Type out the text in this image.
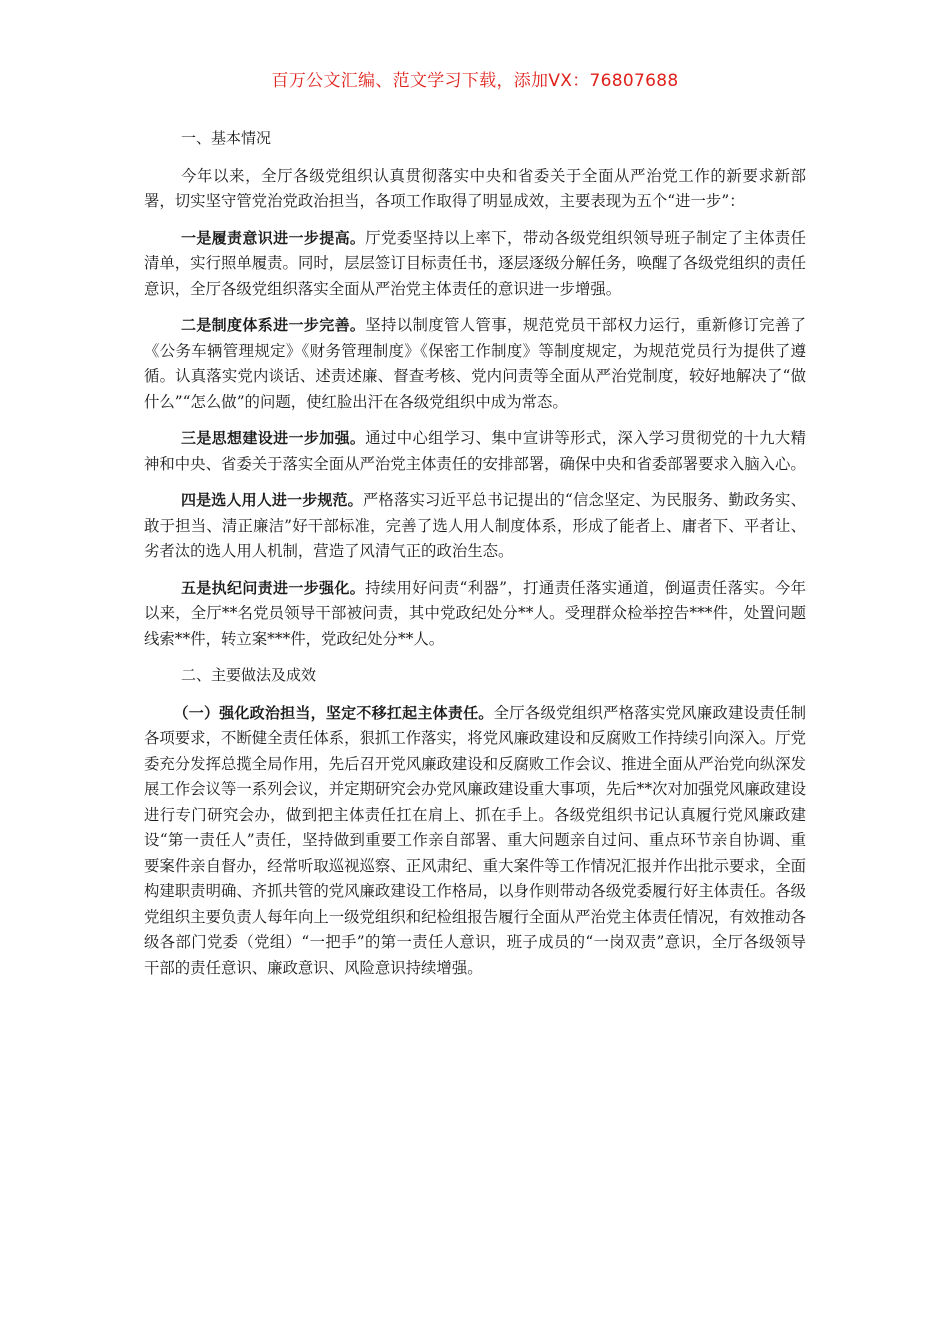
百万公文汇编、范文学习下载，添加VX：76807688

一、基本情况

今年以来，全厅各级党组织认真贯彻落实中央和省委关于全面从严治党工作的新要求新部署，切实坚守管党治党政治担当，各项工作取得了明显成效，主要表现为五个“进一步”：

一是履责意识进一步提高。厅党委坚持以上率下，带动各级党组织领导班子制定了主体责任清单，实行照单履责。同时，层层签订目标责任书，逐层逐级分解任务，唤醒了各级党组织的责任意识，全厅各级党组织落实全面从严治党主体责任的意识进一步增强。

二是制度体系进一步完善。坚持以制度管人管事，规范党员干部权力运行，重新修订完善了《公务车辆管理规定》《财务管理制度》《保密工作制度》等制度规定，为规范党员行为提供了遵循。认真落实党内谈话、述责述廉、督查考核、党内问责等全面从严治党制度，较好地解决了“做什么”“怎么做”的问题，使红脸出汗在各级党组织中成为常态。

三是思想建设进一步加强。通过中心组学习、集中宣讲等形式，深入学习贯彻党的十九大精神和中央、省委关于落实全面从严治党主体责任的安排部署，确保中央和省委部署要求入脑入心。

四是选人用人进一步规范。严格落实习近平总书记提出的“信念坚定、为民服务、勤政务实、敢于担当、清正廉洁”好干部标准，完善了选人用人制度体系，形成了能者上、庸者下、平者让、劣者汰的选人用人机制，营造了风清气正的政治生态。

五是执纪问责进一步强化。持续用好问责“利器”，打通责任落实通道，倒逼责任落实。今年以来，全厅**名党员领导干部被问责，其中党政纪处分**人。受理群众检举控告***件，处置问题线索**件，转立案***件，党政纪处分**人。

二、主要做法及成效

（一）强化政治担当，坚定不移扛起主体责任。全厅各级党组织严格落实党风廉政建设责任制各项要求，不断健全责任体系，狠抓工作落实，将党风廉政建设和反腐败工作持续引向深入。厅党委充分发挥总揽全局作用，先后召开党风廉政建设和反腐败工作会议、推进全面从严治党向纵深发展工作会议等一系列会议，并定期研究会办党风廉政建设重大事项，先后**次对加强党风廉政建设进行专门研究会办，做到把主体责任扛在肩上、抓在手上。各级党组织书记认真履行党风廉政建设“第一责任人”责任，坚持做到重要工作亲自部署、重大问题亲自过问、重点环节亲自协调、重要案件亲自督办，经常听取巡视巡察、正风肃纪、重大案件等工作情况汇报并作出批示要求，全面构建职责明确、齐抓共管的党风廉政建设工作格局，以身作则带动各级党委履行好主体责任。各级党组织主要负责人每年向上一级党组织和纪检组报告履行全面从严治党主体责任情况，有效推动各级各部门党委（党组）“一把手”的第一责任人意识，班子成员的“一岗双责”意识，全厅各级领导干部的责任意识、廉政意识、风险意识持续增强。
